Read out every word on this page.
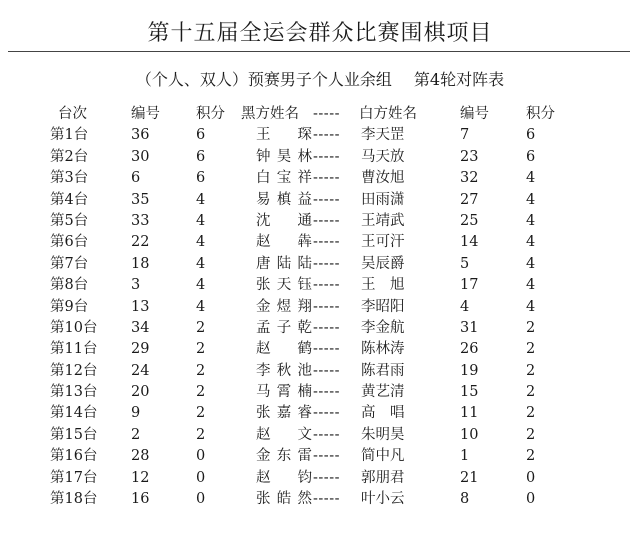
第十五届全运会群众比赛围棋项目
（个人、双人）预赛男子个人业余组 第4轮对阵表
台次	编号 积分 黑方姓名 ----- 白方姓名	编号	积分
第1台	36	6	王　琛 ----- 李天罡	7	6
第2台	30	6	钟昊林 ----- 马天放	23	6
第3台	6	6	白宝祥 ----- 曹汝旭	32	4
第4台	35	4	易槙益 ----- 田雨潇	27	4
第5台	33	4	沈　通 ----- 王靖武	25	4
第6台	22	4	赵　犇 ----- 王可汗	14	4
第7台	18	4	唐陆陆 ----- 吴辰爵	5	4
第8台	3	4	张天钰 ----- 王　旭	17	4
第9台	13	4	金煜翔 ----- 李昭阳	4	4
第10台 34	2	孟子乾 ----- 李金航	31	2
第11台 29	2	赵　鹤 ----- 陈林涛	26	2
第12台 24	2	李秋池 ----- 陈君雨	19	2
第13台 20	2	马霄楠 ----- 黄艺清	15	2
第14台 9	2	张嘉睿 ----- 高　唱	11	2
第15台 2	2	赵　文 ----- 朱明昊	10	2
第16台 28	0	金东雷 ----- 简中凡	1	2
第17台 12	0	赵　钧 ----- 郭朋君	21	0
第18台 16	0	张皓然 ----- 叶小云	8	0
